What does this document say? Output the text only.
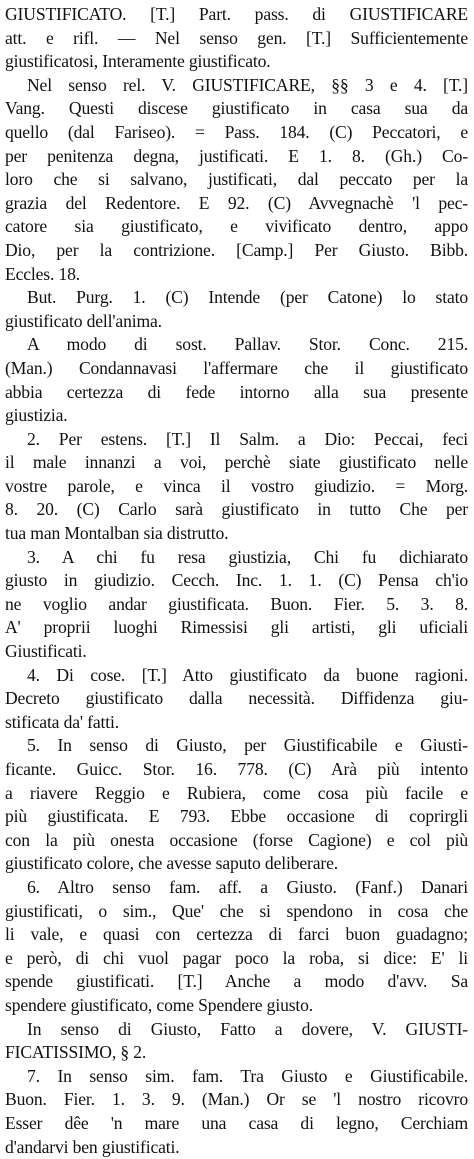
GIUSTIFICATO. [T.] Part. pass. di GIUSTIFICARE
att. e rifl. — Nel senso gen. [T.] Sufficientemente
giustificatosi, Interamente giustificato.
Nel senso rel. V. GIUSTIFICARE, §§ 3 e 4. [T.]
Vang. Questi discese giustificato in casa sua da
quello (dal Fariseo). = Pass. 184. (C) Peccatori, e
per penitenza degna, justificati. E 1. 8. (Gh.) Co-
loro che si salvano, justificati, dal peccato per la
grazia del Redentore. E 92. (C) Avvegnachè 'l pec-
catore sia giustificato, e vivificato dentro, appo
Dio, per la contrizione. [Camp.] Per Giusto. Bibb.
Eccles. 18.
But. Purg. 1. (C) Intende (per Catone) lo stato
giustificato dell'anima.
A modo di sost. Pallav. Stor. Conc. 215.
(Man.) Condannavasi l'affermare che il giustificato
abbia certezza di fede intorno alla sua presente
giustizia.
2. Per estens. [T.] Il Salm. a Dio: Peccai, feci
il male innanzi a voi, perchè siate giustificato nelle
vostre parole, e vinca il vostro giudizio. = Morg.
8. 20. (C) Carlo sarà giustificato in tutto Che per
tua man Montalban sia distrutto.
3. A chi fu resa giustizia, Chi fu dichiarato
giusto in giudizio. Cecch. Inc. 1. 1. (C) Pensa ch'io
ne voglio andar giustificata. Buon. Fier. 5. 3. 8.
A' proprii luoghi Rimessisi gli artisti, gli uficiali
Giustificati.
4. Di cose. [T.] Atto giustificato da buone ragioni.
Decreto giustificato dalla necessità. Diffidenza giu-
stificata da' fatti.
5. In senso di Giusto, per Giustificabile e Giusti-
ficante. Guicc. Stor. 16. 778. (C) Arà più intento
a riavere Reggio e Rubiera, come cosa più facile e
più giustificata. E 793. Ebbe occasione di coprirgli
con la più onesta occasione (forse Cagione) e col più
giustificato colore, che avesse saputo deliberare.
6. Altro senso fam. aff. a Giusto. (Fanf.) Danari
giustificati, o sim., Que' che si spendono in cosa che
li vale, e quasi con certezza di farci buon guadagno;
e però, di chi vuol pagar poco la roba, si dice: E' li
spende giustificati. [T.] Anche a modo d'avv. Sa
spendere giustificato, come Spendere giusto.
In senso di Giusto, Fatto a dovere, V. GIUSTI-
FICATISSIMO, § 2.
7. In senso sim. fam. Tra Giusto e Giustificabile.
Buon. Fier. 1. 3. 9. (Man.) Or se 'l nostro ricovro
Esser dêe 'n mare una casa di legno, Cerchiam
d'andarvi ben giustificati.
